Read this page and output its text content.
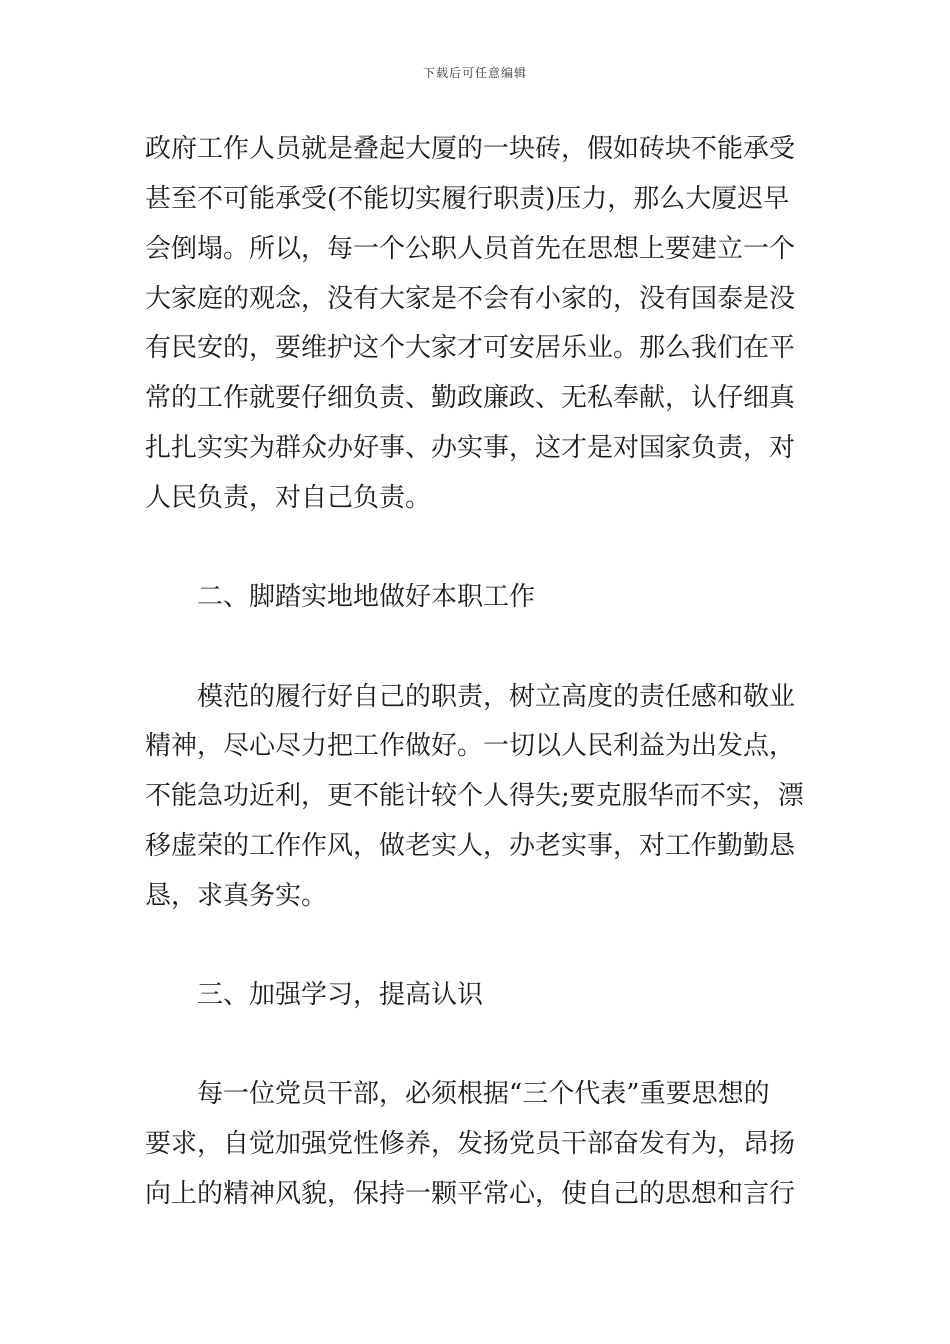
下载后可任意编辑
政府工作人员就是叠起大厦的一块砖，假如砖块不能承受
甚至不可能承受(不能切实履行职责)压力，那么大厦迟早
会倒塌。所以，每一个公职人员首先在思想上要建立一个
大家庭的观念，没有大家是不会有小家的，没有国泰是没
有民安的，要维护这个大家才可安居乐业。那么我们在平
常的工作就要仔细负责、勤政廉政、无私奉献，认仔细真
扎扎实实为群众办好事、办实事，这才是对国家负责，对
人民负责，对自己负责。
二、脚踏实地地做好本职工作
模范的履行好自己的职责，树立高度的责任感和敬业
精神，尽心尽力把工作做好。一切以人民利益为出发点，
不能急功近利，更不能计较个人得失;要克服华而不实，漂
移虚荣的工作作风，做老实人，办老实事，对工作勤勤恳
恳，求真务实。
三、加强学习，提高认识
每一位党员干部，必须根据“三个代表”重要思想的
要求，自觉加强党性修养，发扬党员干部奋发有为，昂扬
向上的精神风貌，保持一颗平常心，使自己的思想和言行
